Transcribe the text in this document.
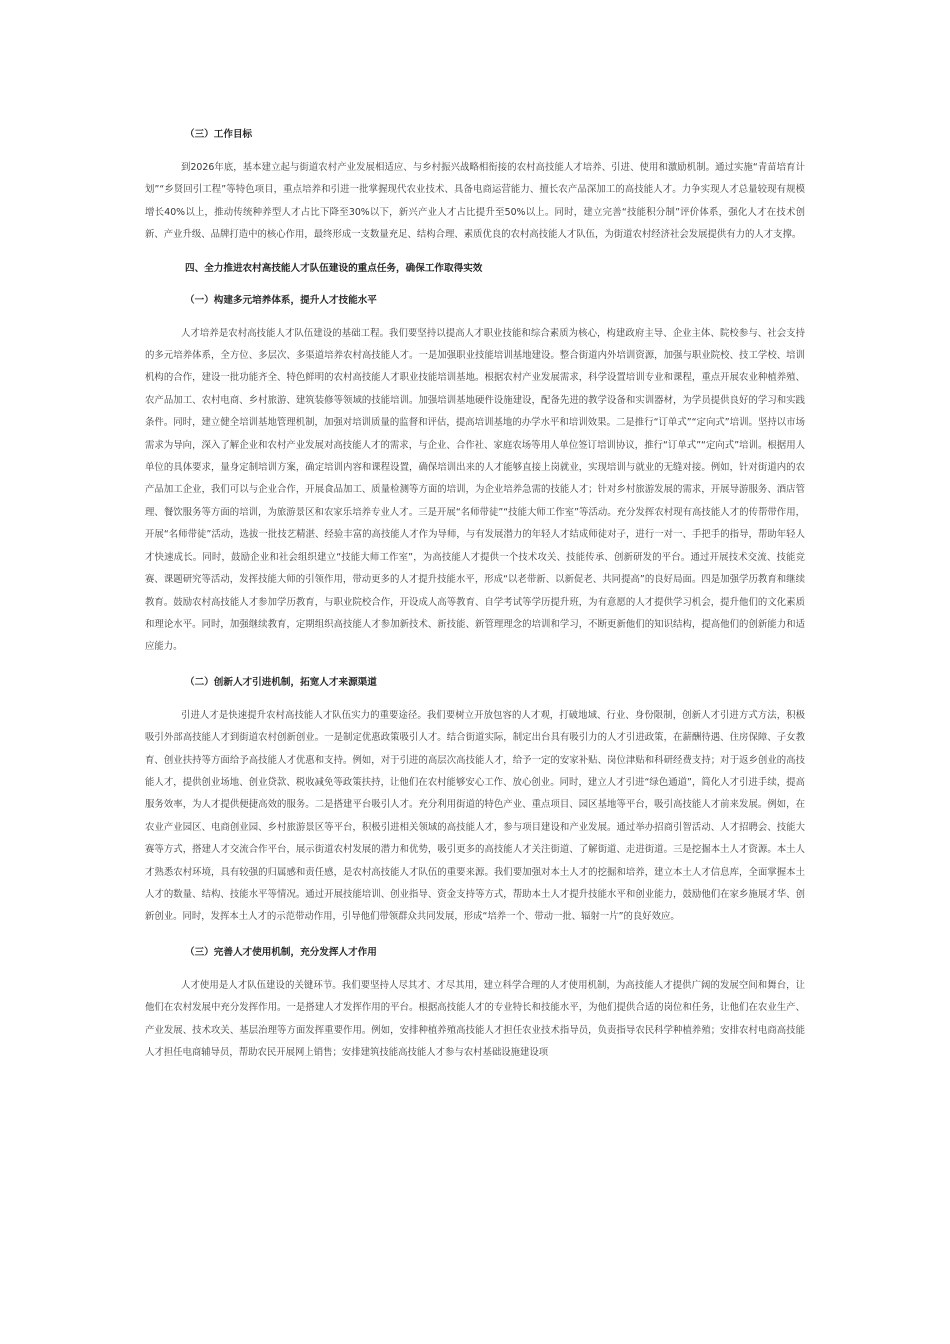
（三）工作目标

到2026年底，基本建立起与街道农村产业发展相适应、与乡村振兴战略相衔接的农村高技能人才培养、引进、使用和激励机制。通过实施“青苗培育计划”“乡贤回引工程”等特色项目，重点培养和引进一批掌握现代农业技术、具备电商运营能力、擅长农产品深加工的高技能人才。力争实现人才总量较现有规模增长40%以上，推动传统种养型人才占比下降至30%以下，新兴产业人才占比提升至50%以上。同时，建立完善“技能积分制”评价体系，强化人才在技术创新、产业升级、品牌打造中的核心作用，最终形成一支数量充足、结构合理、素质优良的农村高技能人才队伍，为街道农村经济社会发展提供有力的人才支撑。

四、全力推进农村高技能人才队伍建设的重点任务，确保工作取得实效

（一）构建多元培养体系，提升人才技能水平

人才培养是农村高技能人才队伍建设的基础工程。我们要坚持以提高人才职业技能和综合素质为核心，构建政府主导、企业主体、院校参与、社会支持的多元培养体系，全方位、多层次、多渠道培养农村高技能人才。一是加强职业技能培训基地建设。整合街道内外培训资源，加强与职业院校、技工学校、培训机构的合作，建设一批功能齐全、特色鲜明的农村高技能人才职业技能培训基地。根据农村产业发展需求，科学设置培训专业和课程，重点开展农业种植养殖、农产品加工、农村电商、乡村旅游、建筑装修等领域的技能培训。加强培训基地硬件设施建设，配备先进的教学设备和实训器材，为学员提供良好的学习和实践条件。同时，建立健全培训基地管理机制，加强对培训质量的监督和评估，提高培训基地的办学水平和培训效果。二是推行“订单式”“定向式”培训。坚持以市场需求为导向，深入了解企业和农村产业发展对高技能人才的需求，与企业、合作社、家庭农场等用人单位签订培训协议，推行“订单式”“定向式”培训。根据用人单位的具体要求，量身定制培训方案，确定培训内容和课程设置，确保培训出来的人才能够直接上岗就业，实现培训与就业的无缝对接。例如，针对街道内的农产品加工企业，我们可以与企业合作，开展食品加工、质量检测等方面的培训，为企业培养急需的技能人才；针对乡村旅游发展的需求，开展导游服务、酒店管理、餐饮服务等方面的培训，为旅游景区和农家乐培养专业人才。三是开展“名师带徒”“技能大师工作室”等活动。充分发挥农村现有高技能人才的传帮带作用，开展“名师带徒”活动，选拔一批技艺精湛、经验丰富的高技能人才作为导师，与有发展潜力的年轻人才结成师徒对子，进行一对一、手把手的指导，帮助年轻人才快速成长。同时，鼓励企业和社会组织建立“技能大师工作室”，为高技能人才提供一个技术攻关、技能传承、创新研发的平台。通过开展技术交流、技能竞赛、课题研究等活动，发挥技能大师的引领作用，带动更多的人才提升技能水平，形成“以老带新、以新促老、共同提高”的良好局面。四是加强学历教育和继续教育。鼓励农村高技能人才参加学历教育，与职业院校合作，开设成人高等教育、自学考试等学历提升班，为有意愿的人才提供学习机会，提升他们的文化素质和理论水平。同时，加强继续教育，定期组织高技能人才参加新技术、新技能、新管理理念的培训和学习，不断更新他们的知识结构，提高他们的创新能力和适应能力。

（二）创新人才引进机制，拓宽人才来源渠道

引进人才是快速提升农村高技能人才队伍实力的重要途径。我们要树立开放包容的人才观，打破地域、行业、身份限制，创新人才引进方式方法，积极吸引外部高技能人才到街道农村创新创业。一是制定优惠政策吸引人才。结合街道实际，制定出台具有吸引力的人才引进政策，在薪酬待遇、住房保障、子女教育、创业扶持等方面给予高技能人才优惠和支持。例如，对于引进的高层次高技能人才，给予一定的安家补贴、岗位津贴和科研经费支持；对于返乡创业的高技能人才，提供创业场地、创业贷款、税收减免等政策扶持，让他们在农村能够安心工作、放心创业。同时，建立人才引进“绿色通道”，简化人才引进手续，提高服务效率，为人才提供便捷高效的服务。二是搭建平台吸引人才。充分利用街道的特色产业、重点项目、园区基地等平台，吸引高技能人才前来发展。例如，在农业产业园区、电商创业园、乡村旅游景区等平台，积极引进相关领域的高技能人才，参与项目建设和产业发展。通过举办招商引智活动、人才招聘会、技能大赛等方式，搭建人才交流合作平台，展示街道农村发展的潜力和优势，吸引更多的高技能人才关注街道、了解街道、走进街道。三是挖掘本土人才资源。本土人才熟悉农村环境，具有较强的归属感和责任感，是农村高技能人才队伍的重要来源。我们要加强对本土人才的挖掘和培养，建立本土人才信息库，全面掌握本土人才的数量、结构、技能水平等情况。通过开展技能培训、创业指导、资金支持等方式，帮助本土人才提升技能水平和创业能力，鼓励他们在家乡施展才华、创新创业。同时，发挥本土人才的示范带动作用，引导他们带领群众共同发展，形成“培养一个、带动一批、辐射一片”的良好效应。

（三）完善人才使用机制，充分发挥人才作用

人才使用是人才队伍建设的关键环节。我们要坚持人尽其才、才尽其用，建立科学合理的人才使用机制，为高技能人才提供广阔的发展空间和舞台，让他们在农村发展中充分发挥作用。一是搭建人才发挥作用的平台。根据高技能人才的专业特长和技能水平，为他们提供合适的岗位和任务，让他们在农业生产、产业发展、技术攻关、基层治理等方面发挥重要作用。例如，安排种植养殖高技能人才担任农业技术指导员，负责指导农民科学种植养殖；安排农村电商高技能人才担任电商辅导员，帮助农民开展网上销售；安排建筑技能高技能人才参与农村基础设施建设项
